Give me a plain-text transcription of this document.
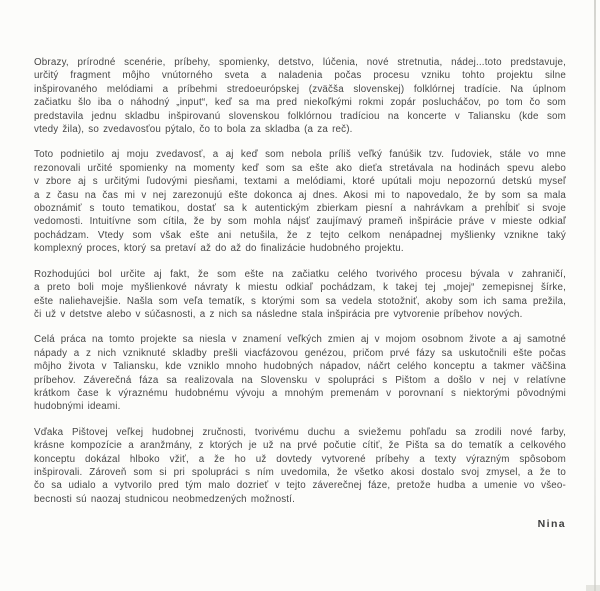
Obrazy, prírodné scenérie, príbehy, spomienky, detstvo, lúčenia, nové stretnutia, nádej...toto predstavuje,
určitý fragment môjho vnútorného sveta a naladenia počas procesu vzniku tohto projektu silne
inšpirovaného melódiami a príbehmi stredoeurópskej (zväčša slovenskej) folklórnej tradície. Na úplnom
začiatku šlo iba o náhodný „input“, keď sa ma pred niekoľkými rokmi zopár poslucháčov, po tom čo som
predstavila jednu skladbu inšpirovanú slovenskou folklórnou tradíciou na koncerte v Taliansku (kde som
vtedy žila), so zvedavosťou pýtalo, čo to bola za skladba (a za reč).
Toto podnietilo aj moju zvedavosť, a aj keď som nebola príliš veľký fanúšik tzv. ľudoviek, stále vo mne
rezonovali určité spomienky na momenty keď som sa ešte ako dieťa stretávala na hodinách spevu alebo
v zbore aj s určitými ľudovými piesňami, textami a melódiami, ktoré upútali moju nepozornú detskú myseľ
a z času na čas mi v nej zarezonujú ešte dokonca aj dnes. Akosi mi to napovedalo, že by som sa mala
oboznámiť s touto tematikou, dostať sa k autentickým zbierkam piesní a nahrávkam a prehĺbiť si svoje
vedomosti. Intuitívne som cítila, že by som mohla nájsť zaujímavý prameň inšpirácie práve v mieste odkiaľ
pochádzam. Vtedy som však ešte ani netušila, že z tejto celkom nenápadnej myšlienky vznikne taký
komplexný proces, ktorý sa pretaví až do až do finalizácie hudobného projektu.
Rozhodujúci bol určite aj fakt, že som ešte na začiatku celého tvorivého procesu bývala v zahraničí,
a preto boli moje myšlienkové návraty k miestu odkiaľ pochádzam, k takej tej „mojej“ zemepisnej šírke,
ešte naliehavejšie. Našla som veľa tematík, s ktorými som sa vedela stotožniť, akoby som ich sama prežila,
či už v detstve alebo v súčasnosti, a z nich sa následne stala inšpirácia pre vytvorenie príbehov nových.
Celá práca na tomto projekte sa niesla v znamení veľkých zmien aj v mojom osobnom živote a aj samotné
nápady a z nich vzniknuté skladby prešli viacfázovou genézou, pričom prvé fázy sa uskutočnili ešte počas
môjho života v Taliansku, kde vzniklo mnoho hudobných nápadov, náčrt celého konceptu a takmer väčšina
príbehov. Záverečná fáza sa realizovala na Slovensku v spolupráci s Pištom a došlo v nej v relatívne
krátkom čase k výraznému hudobnému vývoju a mnohým premenám v porovnaní s niektorými pôvodnými
hudobnými ideami.
Vďaka Pištovej veľkej hudobnej zručnosti, tvorivému duchu a sviežemu pohľadu sa zrodili nové farby,
krásne kompozície a aranžmány, z ktorých je už na prvé počutie cítiť, že Pišta sa do tematík a celkového
konceptu dokázal hlboko vžiť, a že ho už dovtedy vytvorené príbehy a texty výrazným spôsobom
inšpirovali. Zároveň som si pri spolupráci s ním uvedomila, že všetko akosi dostalo svoj zmysel, a že to
čo sa udialo a vytvorilo pred tým malo dozrieť v tejto záverečnej fáze, pretože hudba a umenie vo všeo-
becnosti sú naozaj studnicou neobmedzených možností.
Nina
